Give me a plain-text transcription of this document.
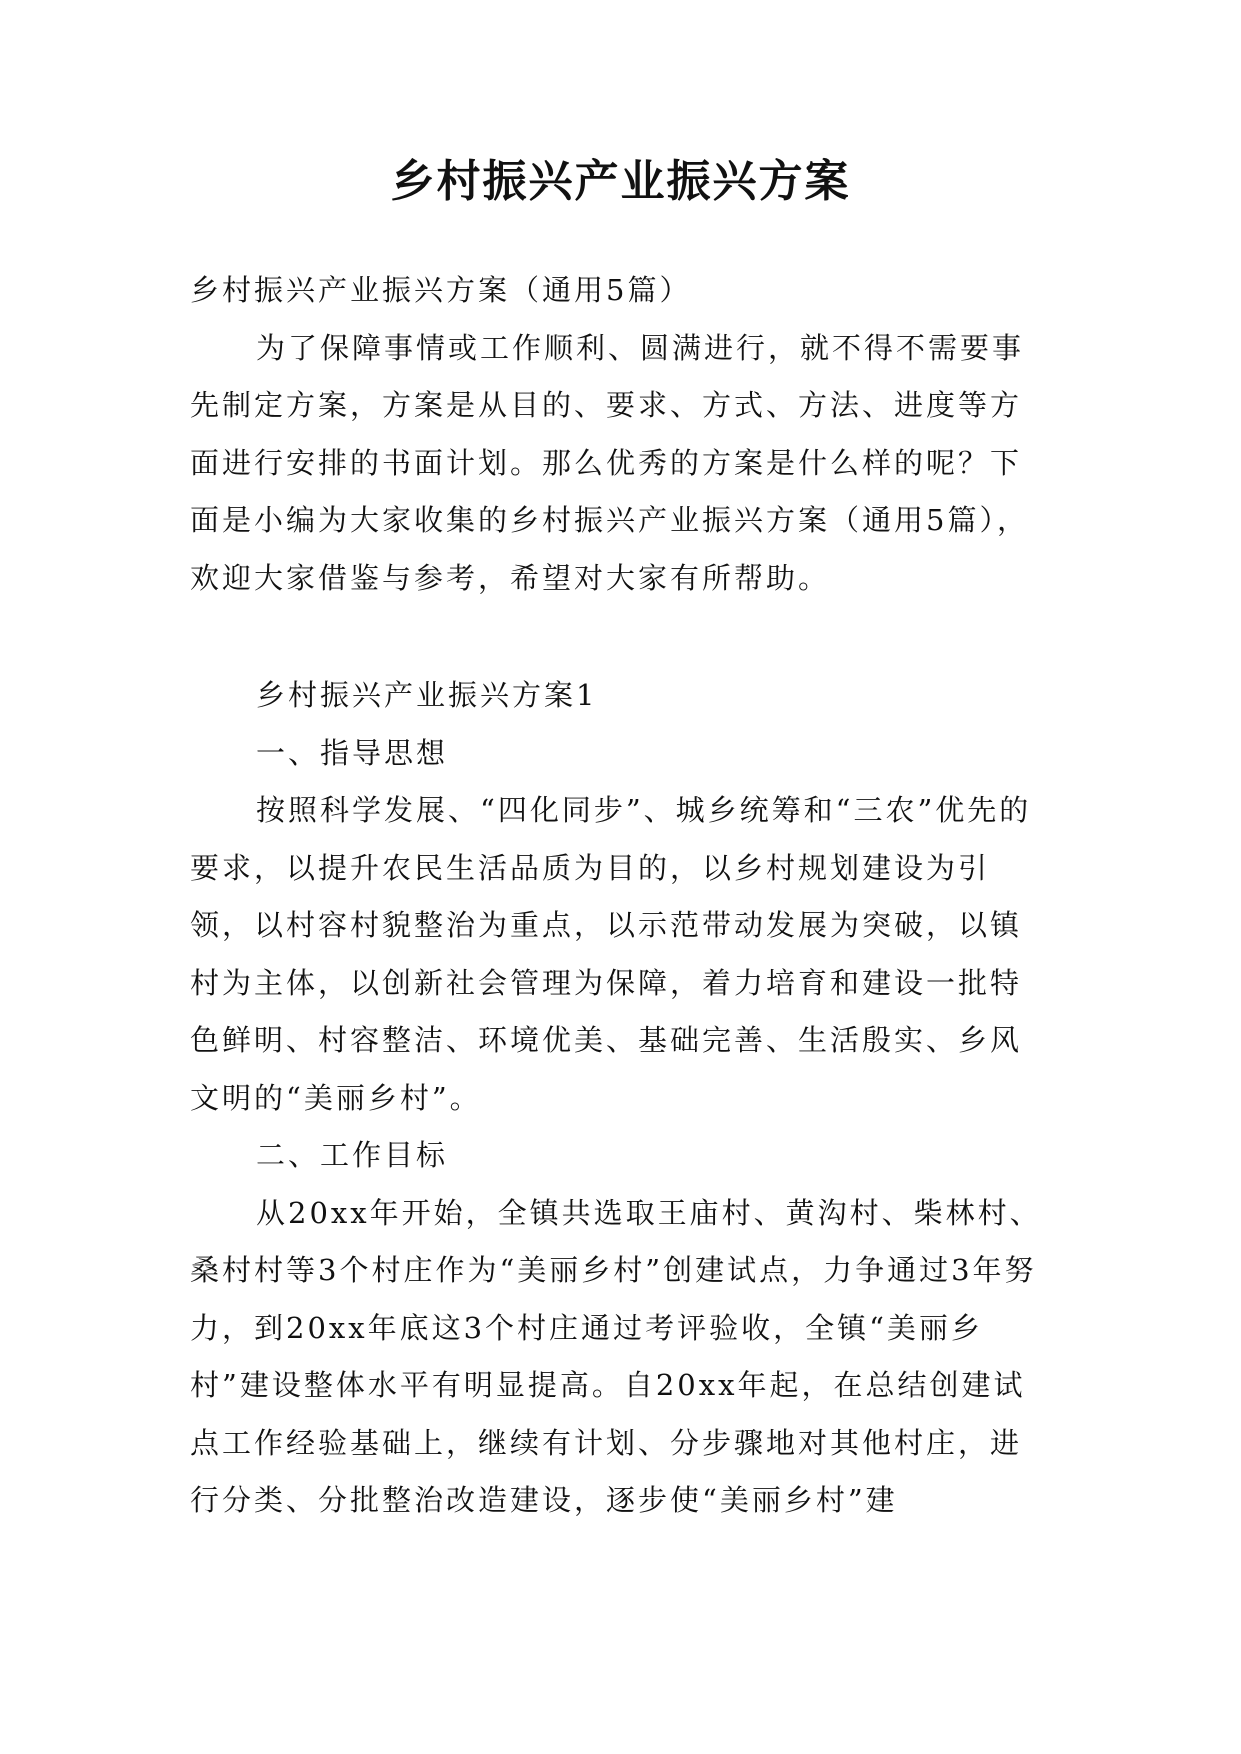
乡村振兴产业振兴方案

乡村振兴产业振兴方案（通用5篇）

为了保障事情或工作顺利、圆满进行，就不得不需要事先制定方案，方案是从目的、要求、方式、方法、进度等方面进行安排的书面计划。那么优秀的方案是什么样的呢？下面是小编为大家收集的乡村振兴产业振兴方案（通用5篇），欢迎大家借鉴与参考，希望对大家有所帮助。

乡村振兴产业振兴方案1

一、指导思想

按照科学发展、“四化同步”、城乡统筹和“三农”优先的要求，以提升农民生活品质为目的，以乡村规划建设为引领，以村容村貌整治为重点，以示范带动发展为突破，以镇村为主体，以创新社会管理为保障，着力培育和建设一批特色鲜明、村容整洁、环境优美、基础完善、生活殷实、乡风文明的“美丽乡村”。

二、工作目标

从20xx年开始，全镇共选取王庙村、黄沟村、柴林村、桑村村等3个村庄作为“美丽乡村”创建试点，力争通过3年努力，到20xx年底这3个村庄通过考评验收，全镇“美丽乡村”建设整体水平有明显提高。自20xx年起，在总结创建试点工作经验基础上，继续有计划、分步骤地对其他村庄，进行分类、分批整治改造建设，逐步使“美丽乡村”建
